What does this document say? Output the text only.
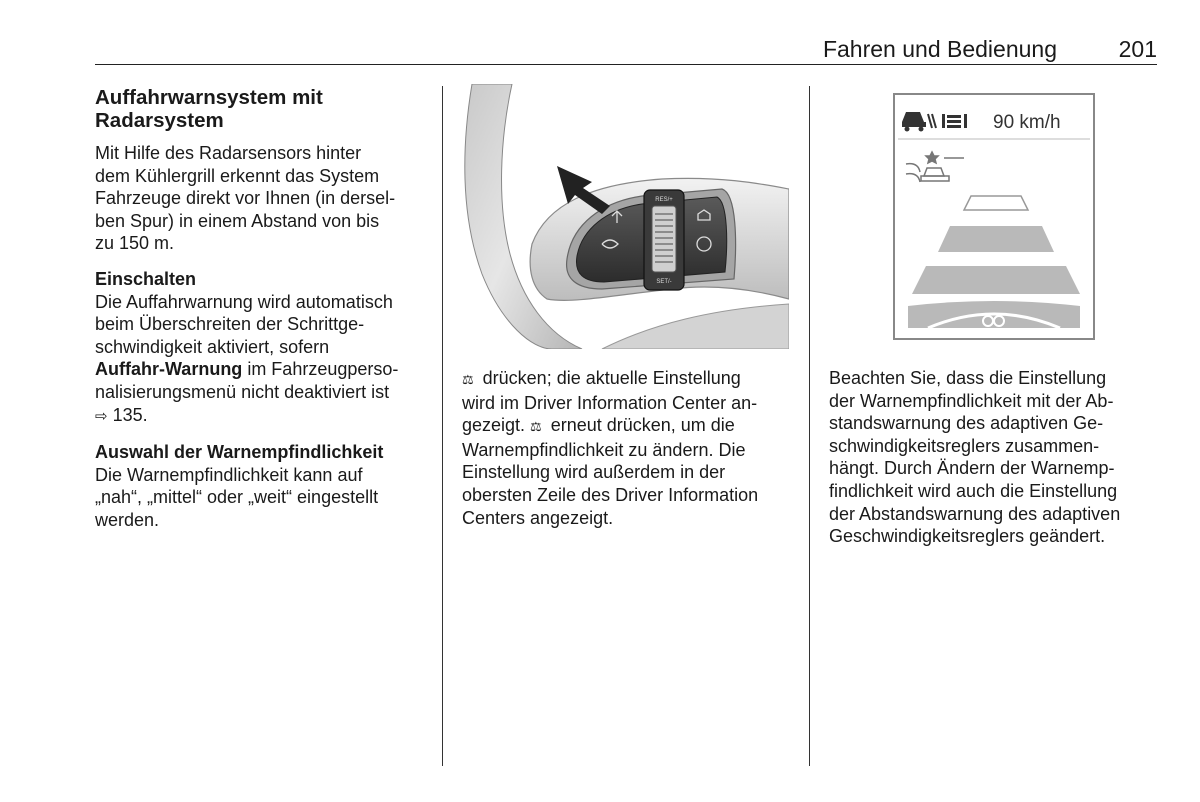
Fahren und Bedienung	201
Auffahrwarnsystem mit Radarsystem

Mit Hilfe des Radarsensors hinter

dem Kühlergrill erkennt das System

Fahrzeuge direkt vor Ihnen (in dersel-

ben Spur) in einem Abstand von bis

zu 150 m.

Einschalten

Die Auffahrwarnung wird automatisch

beim Überschreiten der Schrittge-

schwindigkeit aktiviert, sofern

Auffahr-Warnung im Fahrzeugperso-

nalisierungsmenü nicht deaktiviert ist

⇨ 135.

Auswahl der Warnempfindlichkeit

Die Warnempfindlichkeit kann auf

„nah“, „mittel“ oder „weit“ eingestellt

werden.

RES/+
SET/-
90 km/h

⚖ drücken; die aktuelle Einstellung

wird im Driver Information Center an-

gezeigt. ⚖ erneut drücken, um die

Warnempfindlichkeit zu ändern. Die

Einstellung wird außerdem in der

obersten Zeile des Driver Information

Centers angezeigt.

Beachten Sie, dass die Einstellung

der Warnempfindlichkeit mit der Ab-

standswarnung des adaptiven Ge-

schwindigkeitsreglers zusammen-

hängt. Durch Ändern der Warnemp-

findlichkeit wird auch die Einstellung

der Abstandswarnung des adaptiven

Geschwindigkeitsreglers geändert.
